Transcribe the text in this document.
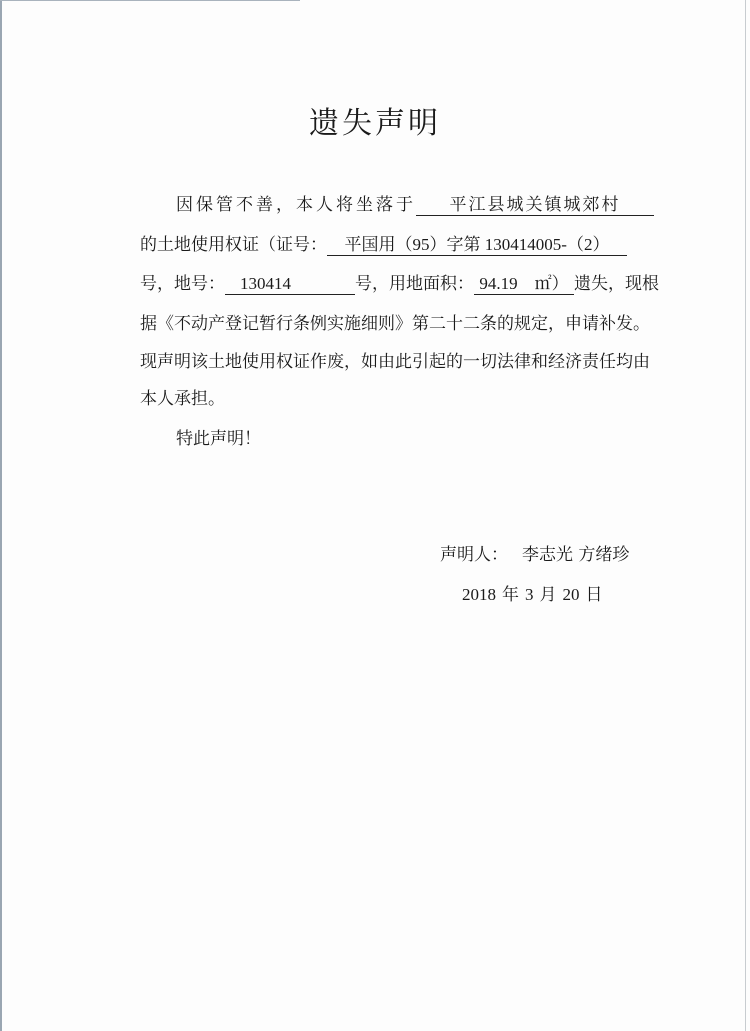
遗失声明
因保管不善，本人将坐落于 平江县城关镇城郊村
的土地使用权证（证号： 平国用（95）字第 130414005-（2）
号，地号： 130414	号，用地面积： 94.19　㎡） 遗失，现根
据《不动产登记暂行条例实施细则》第二十二条的规定，申请补发。
现声明该土地使用权证作废，如由此引起的一切法律和经济责任均由
本人承担。
特此声明！
声明人： 李志光 方绪珍
2018 年 3 月 20 日
